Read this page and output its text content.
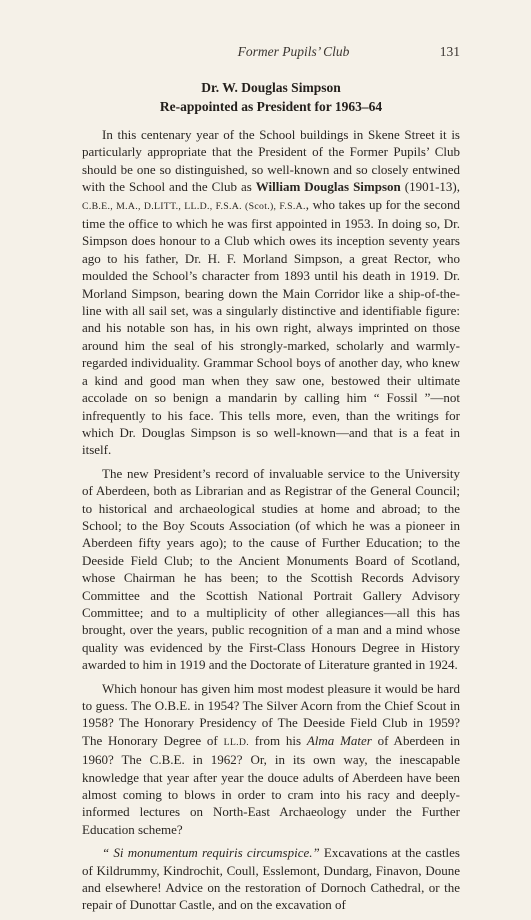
Former Pupils’ Club	131
Dr. W. Douglas Simpson
Re-appointed as President for 1963–64

In this centenary year of the School buildings in Skene Street it is particularly appropriate that the President of the Former Pupils’ Club should be one so distinguished, so well-known and so closely entwined with the School and the Club as William Douglas Simpson (1901-13), C.B.E., M.A., D.LITT., LL.D., F.S.A. (Scot.), F.S.A., who takes up for the second time the office to which he was first appointed in 1953. In doing so, Dr. Simpson does honour to a Club which owes its inception seventy years ago to his father, Dr. H. F. Morland Simpson, a great Rector, who moulded the School’s character from 1893 until his death in 1919. Dr. Morland Simpson, bearing down the Main Corridor like a ship-of-the-line with all sail set, was a singularly distinctive and identifiable figure: and his notable son has, in his own right, always imprinted on those around him the seal of his strongly-marked, scholarly and warmly-regarded individuality. Grammar School boys of another day, who knew a kind and good man when they saw one, bestowed their ultimate accolade on so benign a mandarin by calling him “ Fossil ”—not infrequently to his face. This tells more, even, than the writings for which Dr. Douglas Simpson is so well-known—and that is a feat in itself.

The new President’s record of invaluable service to the University of Aberdeen, both as Librarian and as Registrar of the General Council; to historical and archaeological studies at home and abroad; to the School; to the Boy Scouts Association (of which he was a pioneer in Aberdeen fifty years ago); to the cause of Further Education; to the Deeside Field Club; to the Ancient Monuments Board of Scotland, whose Chairman he has been; to the Scottish Records Advisory Committee and the Scottish National Portrait Gallery Advisory Committee; and to a multiplicity of other allegiances—all this has brought, over the years, public recognition of a man and a mind whose quality was evidenced by the First-Class Honours Degree in History awarded to him in 1919 and the Doctorate of Literature granted in 1924.

Which honour has given him most modest pleasure it would be hard to guess. The O.B.E. in 1954? The Silver Acorn from the Chief Scout in 1958? The Honorary Presidency of The Deeside Field Club in 1959? The Honorary Degree of LL.D. from his Alma Mater of Aberdeen in 1960? The C.B.E. in 1962? Or, in its own way, the inescapable knowledge that year after year the douce adults of Aberdeen have been almost coming to blows in order to cram into his racy and deeply-informed lectures on North-East Archaeology under the Further Education scheme?

“ Si monumentum requiris circumspice.” Excavations at the castles of Kildrummy, Kindrochit, Coull, Esslemont, Dundarg, Finavon, Doune and elsewhere! Advice on the restoration of Dornoch Cathedral, or the repair of Dunottar Castle, and on the excavation of
